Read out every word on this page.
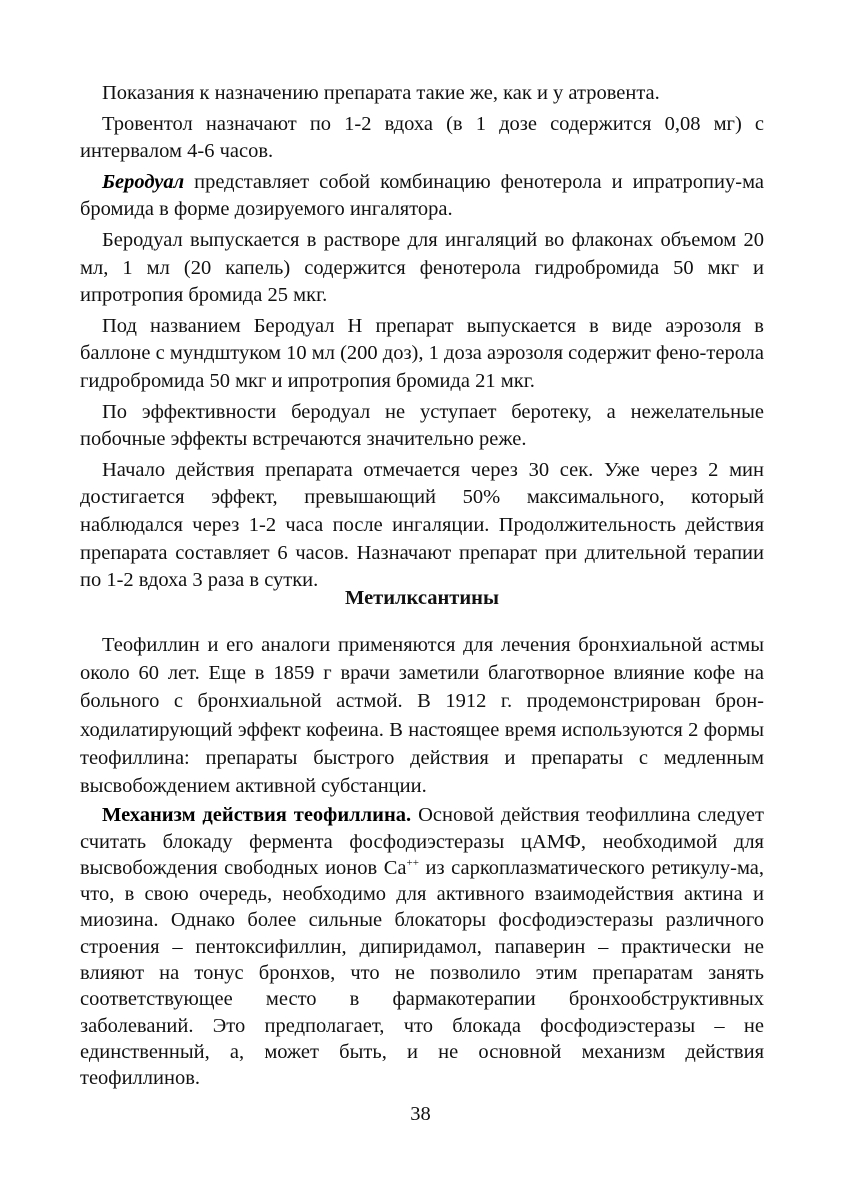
Показания к назначению препарата такие же, как и у атровента.

Тровентол назначают по 1-2 вдоха (в 1 дозе содержится 0,08 мг) с интервалом 4-6 часов.

Беродуал представляет собой комбинацию фенотерола и ипратропиу-ма бромида в форме дозируемого ингалятора.

Беродуал выпускается в растворе для ингаляций во флаконах объемом 20 мл, 1 мл (20 капель) содержится фенотерола гидробромида 50 мкг и ипротропия бромида 25 мкг.

Под названием Беродуал Н препарат выпускается в виде аэрозоля в баллоне с мундштуком 10 мл (200 доз), 1 доза аэрозоля содержит фено-терола гидробромида 50 мкг и ипротропия бромида 21 мкг.

По эффективности беродуал не уступает беротеку, а нежелательные побочные эффекты встречаются значительно реже.

Начало действия препарата отмечается через 30 сек. Уже через 2 мин достигается эффект, превышающий 50% максимального, который наблюдался через 1-2 часа после ингаляции. Продолжительность действия препарата составляет 6 часов. Назначают препарат при длительной терапии по 1-2 вдоха 3 раза в сутки.

Метилксантины

Теофиллин и его аналоги применяются для лечения бронхиальной астмы около 60 лет. Еще в 1859 г врачи заметили благотворное влияние кофе на больного с бронхиальной астмой. В 1912 г. продемонстрирован брон-ходилатирующий эффект кофеина. В настоящее время используются 2 формы теофиллина: препараты быстрого действия и препараты с медленным высвобождением активной субстанции.

Механизм действия теофиллина. Основой действия теофиллина следует считать блокаду фермента фосфодиэстеразы цАМФ, необходимой для высвобождения свободных ионов Са++ из саркоплазматического ретикулу-ма, что, в свою очередь, необходимо для активного взаимодействия актина и миозина. Однако более сильные блокаторы фосфодиэстеразы различного строения – пентоксифиллин, дипиридамол, папаверин – практически не влияют на тонус бронхов, что не позволило этим препаратам занять соответствующее место в фармакотерапии бронхообструктивных заболеваний. Это предполагает, что блокада фосфодиэстеразы – не единственный, а, может быть, и не основной механизм действия теофиллинов.

38
